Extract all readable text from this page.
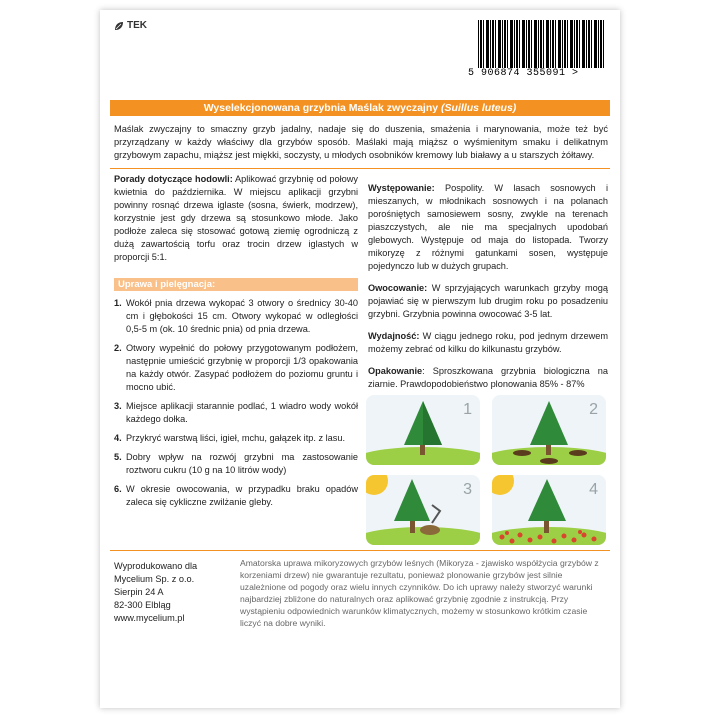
TEK
5 906874 355091 >
Wyselekcjonowana grzybnia Maślak zwyczajny (Suillus luteus)
Maślak zwyczajny to smaczny grzyb jadalny, nadaje się do duszenia, smażenia i marynowania, może też być przyrządzany w każdy właściwy dla grzybów sposób. Maślaki mają miąższ o wyśmienitym smaku i delikatnym grzybowym zapachu, miąższ jest miękki, soczysty, u młodych osobników kremowy lub białawy a u starszych żółtawy.

Porady dotyczące hodowli: Aplikować grzybnię od połowy kwietnia do października. W miejscu aplikacji grzybni powinny rosnąć drzewa iglaste (sosna, świerk, modrzew), korzystnie jest gdy drzewa są stosunkowo młode. Jako podłoże zaleca się stosować gotową ziemię ogrodniczą z dużą zawartością torfu oraz trocin drzew iglastych w proporcji 5:1.

Uprawa i pielęgnacja:
1. Wokół pnia drzewa wykopać 3 otwory o średnicy 30-40 cm i głębokości 15 cm. Otwory wykopać w odległości 0,5-5 m (ok. 10 średnic pnia) od pnia drzewa.
2. Otwory wypełnić do połowy przygotowanym podłożem, następnie umieścić grzybnię w proporcji 1/3 opakowania na każdy otwór. Zasypać podłożem do poziomu gruntu i mocno ubić.
3. Miejsce aplikacji starannie podlać, 1 wiadro wody wokół każdego dołka.
4. Przykryć warstwą liści, igieł, mchu, gałązek itp. z lasu.
5. Dobry wpływ na rozwój grzybni ma zastosowanie roztworu cukru (10 g na 10 litrów wody)
6. W okresie owocowania, w przypadku braku opadów zaleca się cykliczne zwilżanie gleby.

Występowanie: Pospolity. W lasach sosnowych i mieszanych, w młodnikach sosnowych i na polanach porośniętych samosiewem sosny, zwykle na terenach piaszczystych, ale nie ma specjalnych upodobań glebowych. Występuje od maja do listopada. Tworzy mikoryzę z różnymi gatunkami sosen, występuje pojedynczo lub w dużych grupach.

Owocowanie: W sprzyjających warunkach grzyby mogą pojawiać się w pierwszym lub drugim roku po posadzeniu grzybni. Grzybnia powinna owocować 3-5 lat.

Wydajność: W ciągu jednego roku, pod jednym drzewem możemy zebrać od kilku do kilkunastu grzybów.

Opakowanie: Sproszkowana grzybnia biologiczna na ziarnie. Prawdopodobieństwo plonowania 85% - 87%

1	2
3	4
Wyprodukowano dla
Mycelium Sp. z o.o.
Sierpin 24 A
82-300 Elbląg
www.mycelium.pl
Amatorska uprawa mikoryzowych grzybów leśnych (Mikoryza - zjawisko współżycia grzybów z korzeniami drzew) nie gwarantuje rezultatu, ponieważ plonowanie grzybów jest silnie uzależnione od pogody oraz wielu innych czynników. Do ich uprawy należy stworzyć warunki najbardziej zbliżone do naturalnych oraz aplikować grzybnię zgodnie z instrukcją. Przy wystąpieniu odpowiednich warunków klimatycznych, możemy w stosunkowo krótkim czasie liczyć na dobre wyniki.
